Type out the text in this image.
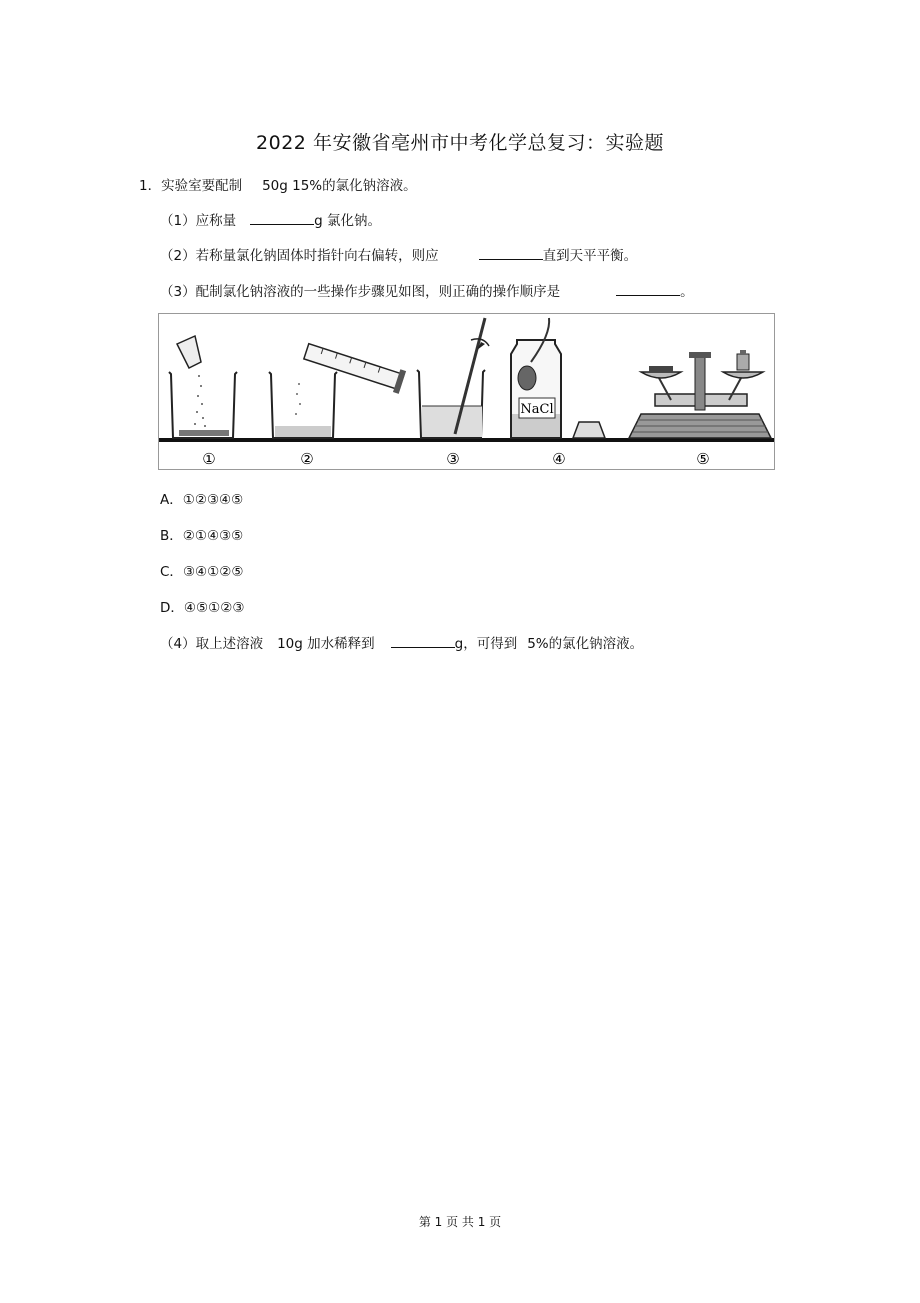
2022 年安徽省亳州市中考化学总复习：实验题
1．实验室要配制 50g 15%的氯化钠溶液。
（1）应称量	g 氯化钠。
（2）若称量氯化钠固体时指针向右偏转，则应	直到天平平衡。
（3）配制氯化钠溶液的一些操作步骤见如图，则正确的操作顺序是	。
NaCl
①	②	③	④	⑤
A．①②③④⑤
B．②①④③⑤
C．③④①②⑤
D．④⑤①②③
（4）取上述溶液 10g 加水稀释到	g，可得到 5%的氯化钠溶液。
第 1 页 共 1 页
